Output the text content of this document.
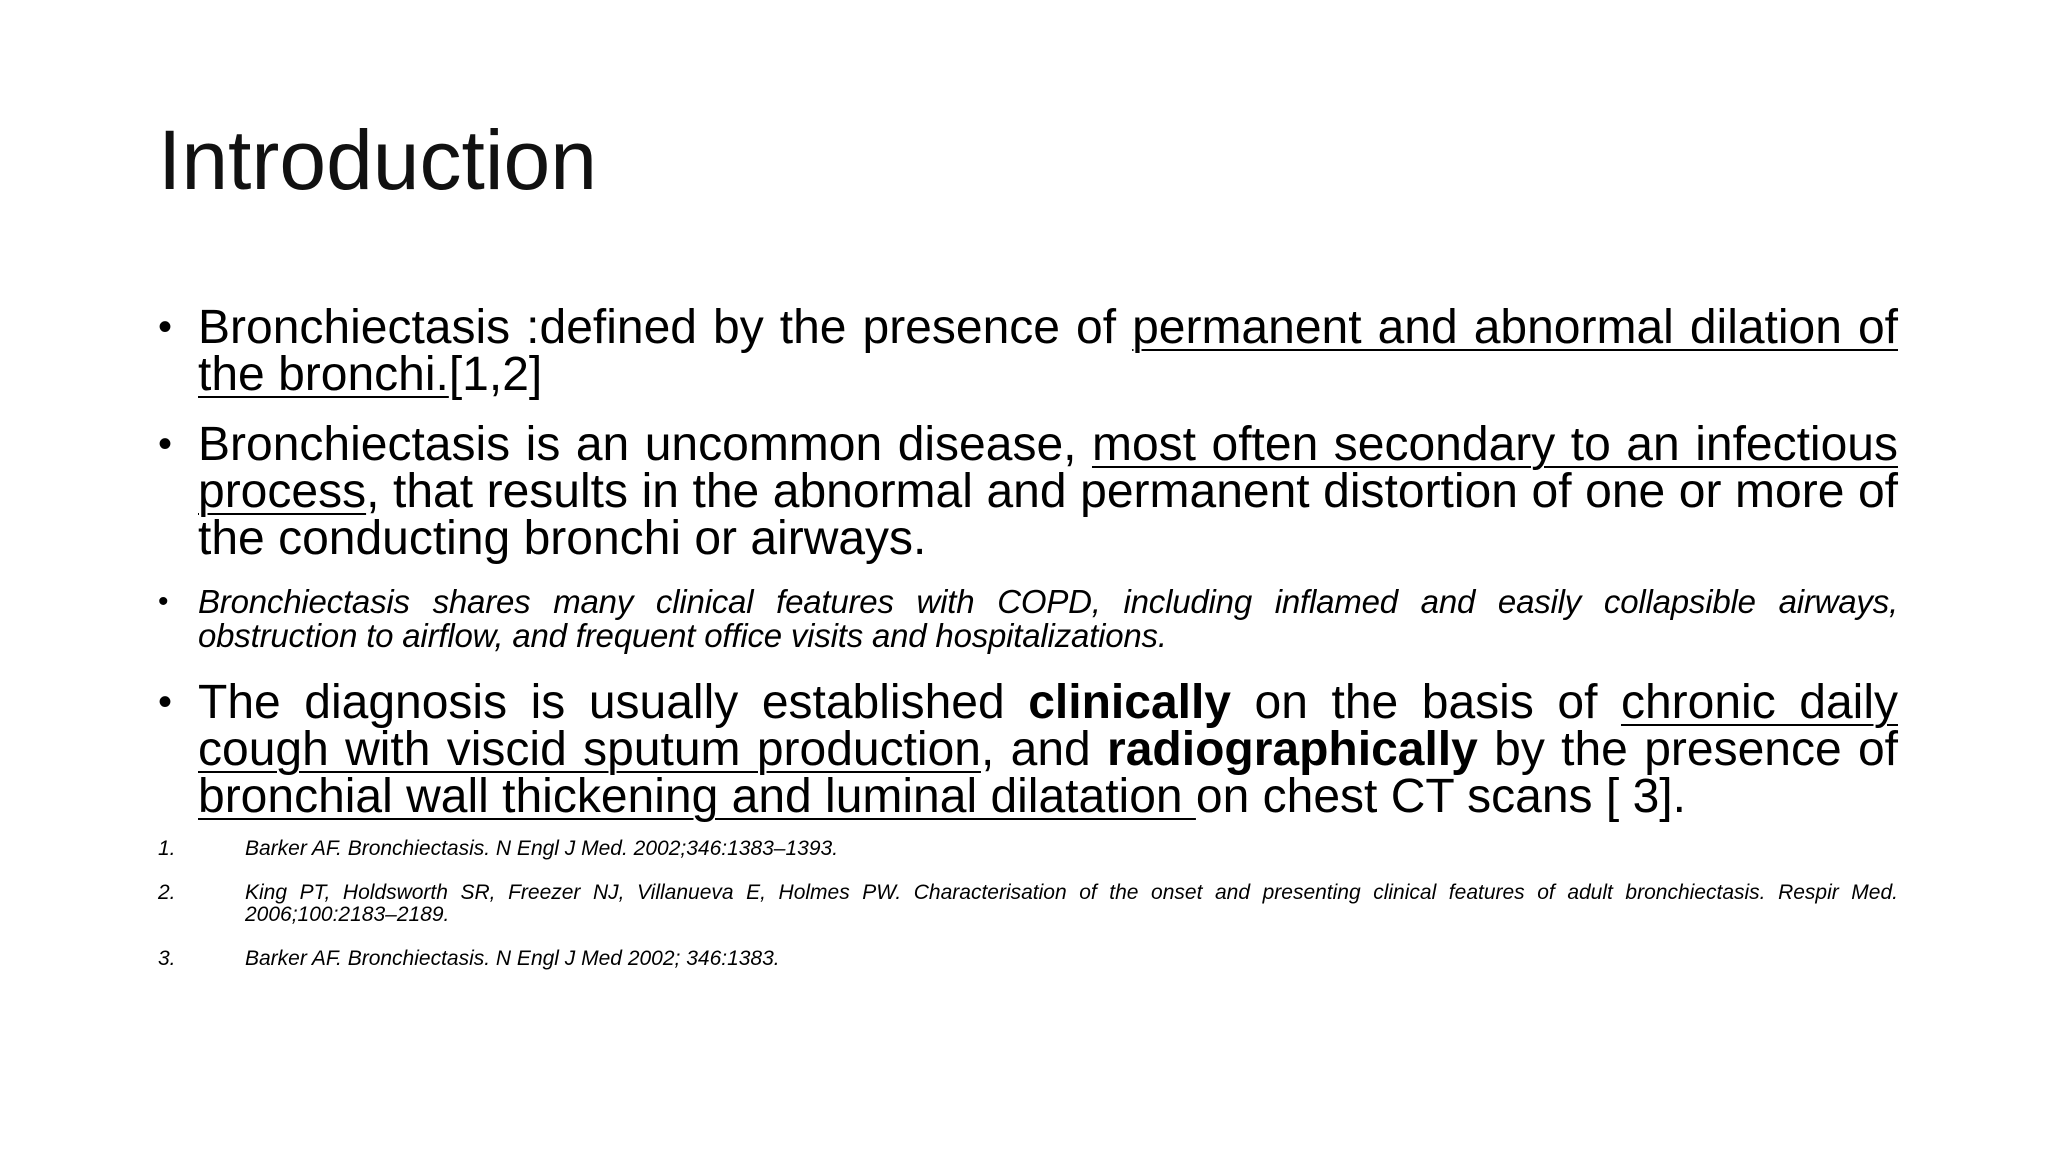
Introduction
• Bronchiectasis :defined by the presence of permanent and abnormal dilation of the bronchi.[1,2]
• Bronchiectasis is an uncommon disease, most often secondary to an infectious process, that results in the abnormal and permanent distortion of one or more of the conducting bronchi or airways.
• Bronchiectasis shares many clinical features with COPD, including inflamed and easily collapsible airways, obstruction to airflow, and frequent office visits and hospitalizations.
• The diagnosis is usually established clinically on the basis of chronic daily cough with viscid sputum production, and radiographically by the presence of bronchial wall thickening and luminal dilatation on chest CT scans [ 3].
1.	Barker AF. Bronchiectasis. N Engl J Med. 2002;346:1383–1393.
2.	King PT, Holdsworth SR, Freezer NJ, Villanueva E, Holmes PW. Characterisation of the onset and presenting clinical features of adult bronchiectasis. Respir Med. 2006;100:2183–2189.
3.	Barker AF. Bronchiectasis. N Engl J Med 2002; 346:1383.
